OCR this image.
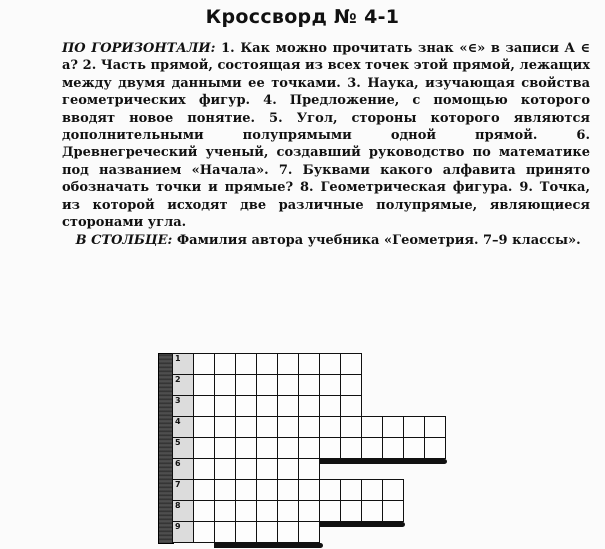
Кроссворд № 4-1

ПО ГОРИЗОНТАЛИ: 1. Как можно прочитать знак «∈» в записи A ∈ a? 2. Часть прямой, состоящая из всех точек этой прямой, лежащих между двумя данными ее точками. 3. Наука, изучающая свойства геометрических фигур. 4. Предложение, с помощью которого вводят новое понятие. 5. Угол, стороны которого являются дополнительными полупрямыми одной прямой. 6. Древнегреческий ученый, создавший руководство по математике под названием «Начала». 7. Буквами какого алфавита принято обозначать точки и прямые? 8. Геометрическая фигура. 9. Точка, из которой исходят две различные полупрямые, являющиеся сторонами угла.

В СТОЛБЦЕ: Фамилия автора учебника «Геометрия. 7–9 классы».

1
2
3
4
5
6
7
8
9
